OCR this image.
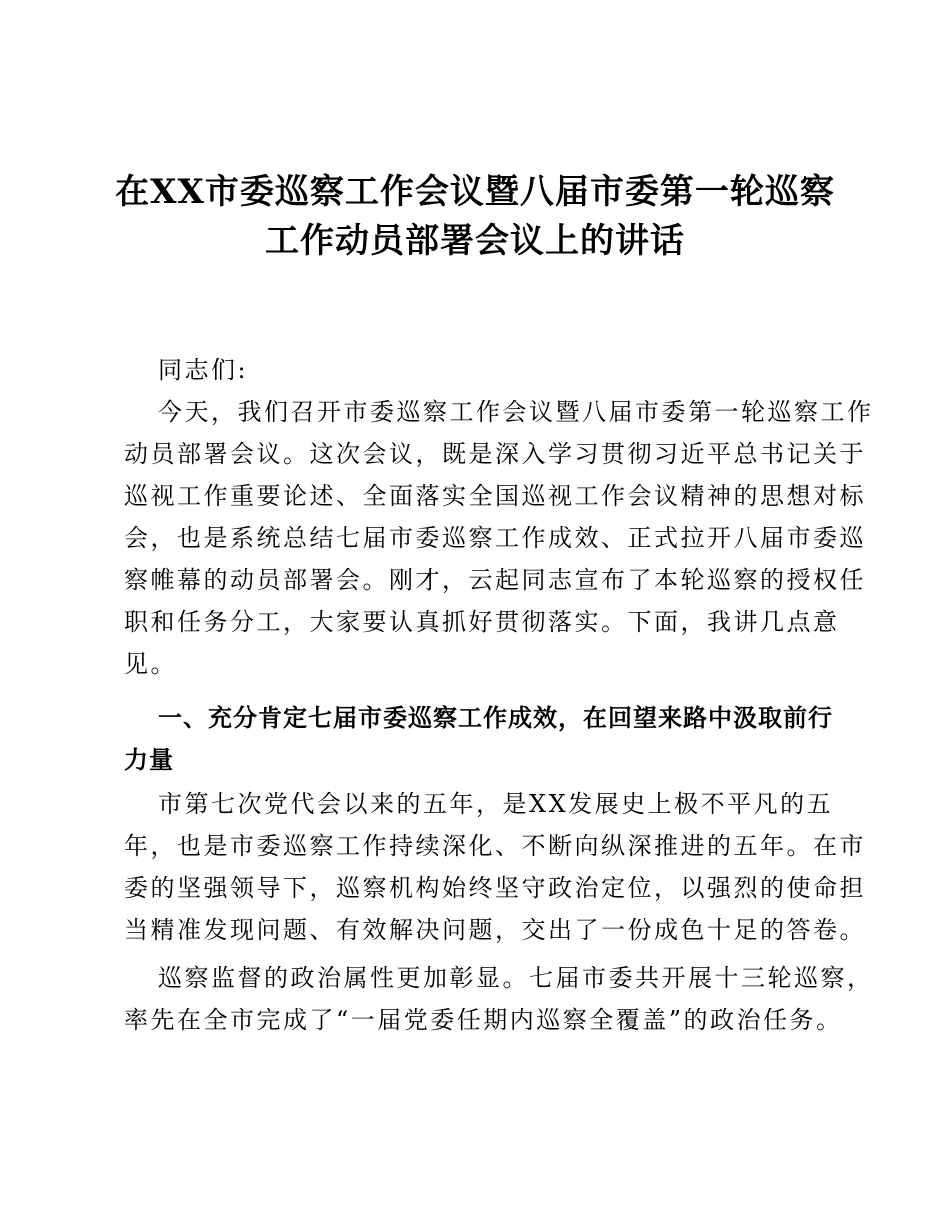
在XX市委巡察工作会议暨八届市委第一轮巡察
工作动员部署会议上的讲话
同志们:
今天，我们召开市委巡察工作会议暨八届市委第一轮巡察工作
动员部署会议。这次会议，既是深入学习贯彻习近平总书记关于
巡视工作重要论述、全面落实全国巡视工作会议精神的思想对标
会，也是系统总结七届市委巡察工作成效、正式拉开八届市委巡
察帷幕的动员部署会。刚才，云起同志宣布了本轮巡察的授权任
职和任务分工，大家要认真抓好贯彻落实。下面，我讲几点意
见。
一、充分肯定七届市委巡察工作成效，在回望来路中汲取前行
力量
市第七次党代会以来的五年，是XX发展史上极不平凡的五
年，也是市委巡察工作持续深化、不断向纵深推进的五年。在市
委的坚强领导下，巡察机构始终坚守政治定位，以强烈的使命担
当精准发现问题、有效解决问题，交出了一份成色十足的答卷。
巡察监督的政治属性更加彰显。七届市委共开展十三轮巡察，
率先在全市完成了“一届党委任期内巡察全覆盖”的政治任务。
